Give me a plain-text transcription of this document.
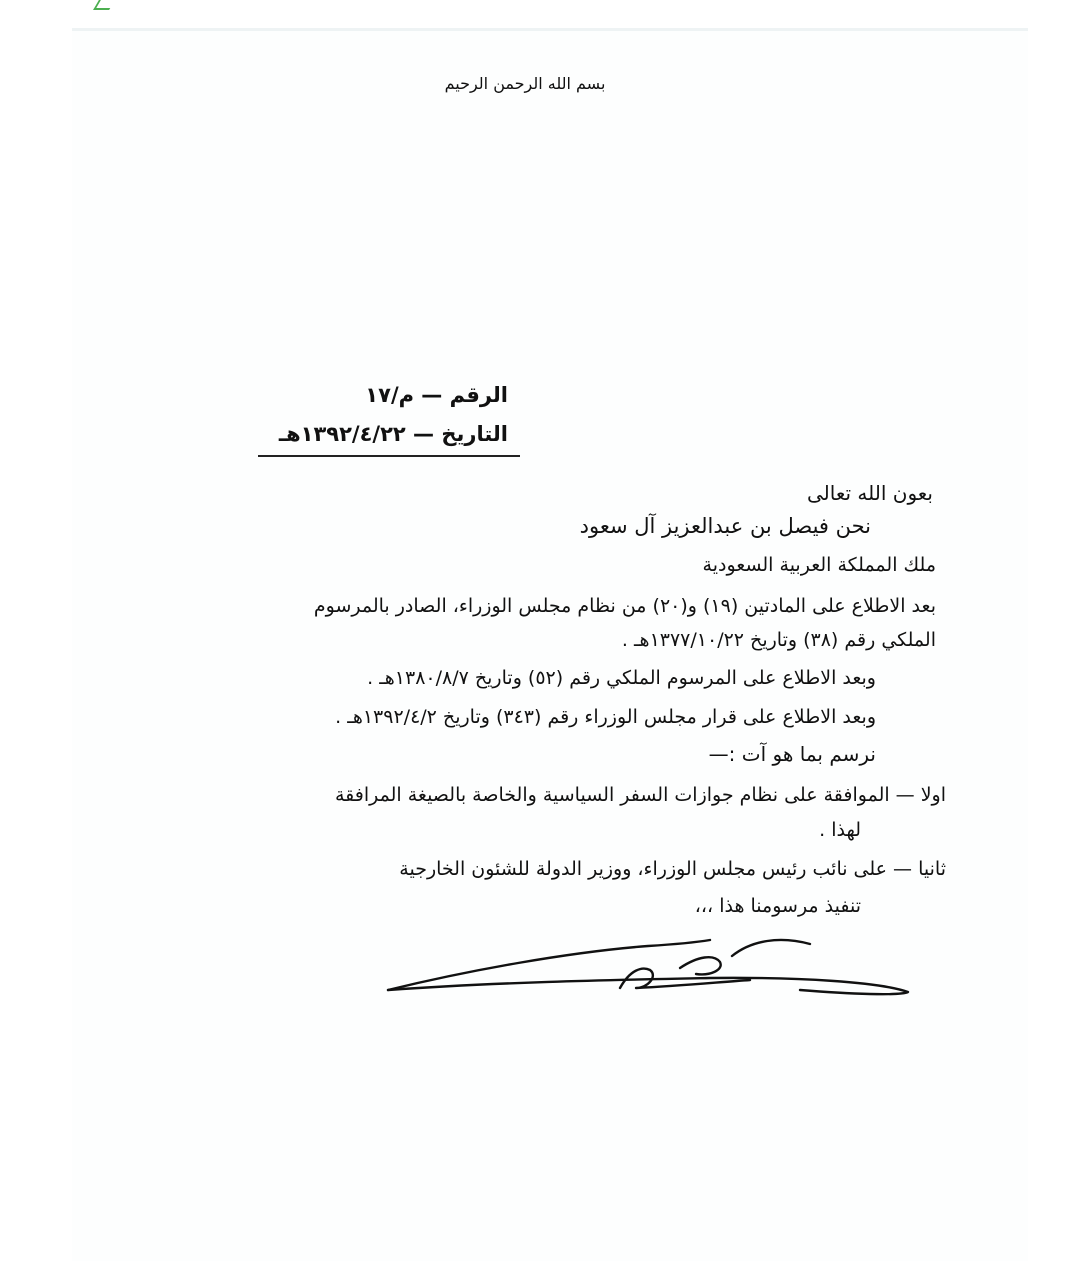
بسم الله الرحمن الرحيم
الرقم — م/١٧
التاريخ — ١٣٩٢/٤/٢٢هـ
بعون الله تعالى
نحن فيصل بن عبدالعزيز آل سعود
ملك المملكة العربية السعودية
بعد الاطلاع على المادتين (١٩) و(٢٠) من نظام مجلس الوزراء، الصادر بالمرسوم
الملكي رقم (٣٨) وتاريخ ١٣٧٧/١٠/٢٢هـ .
وبعد الاطلاع على المرسوم الملكي رقم (٥٢) وتاريخ ١٣٨٠/٨/٧هـ .
وبعد الاطلاع على قرار مجلس الوزراء رقم (٣٤٣) وتاريخ ١٣٩٢/٤/٢هـ .
نرسم بما هو آت :—
اولا — الموافقة على نظام جوازات السفر السياسية والخاصة بالصيغة المرافقة
لهذا .
ثانيا — على نائب رئيس مجلس الوزراء، ووزير الدولة للشئون الخارجية
تنفيذ مرسومنا هذا ،،،
